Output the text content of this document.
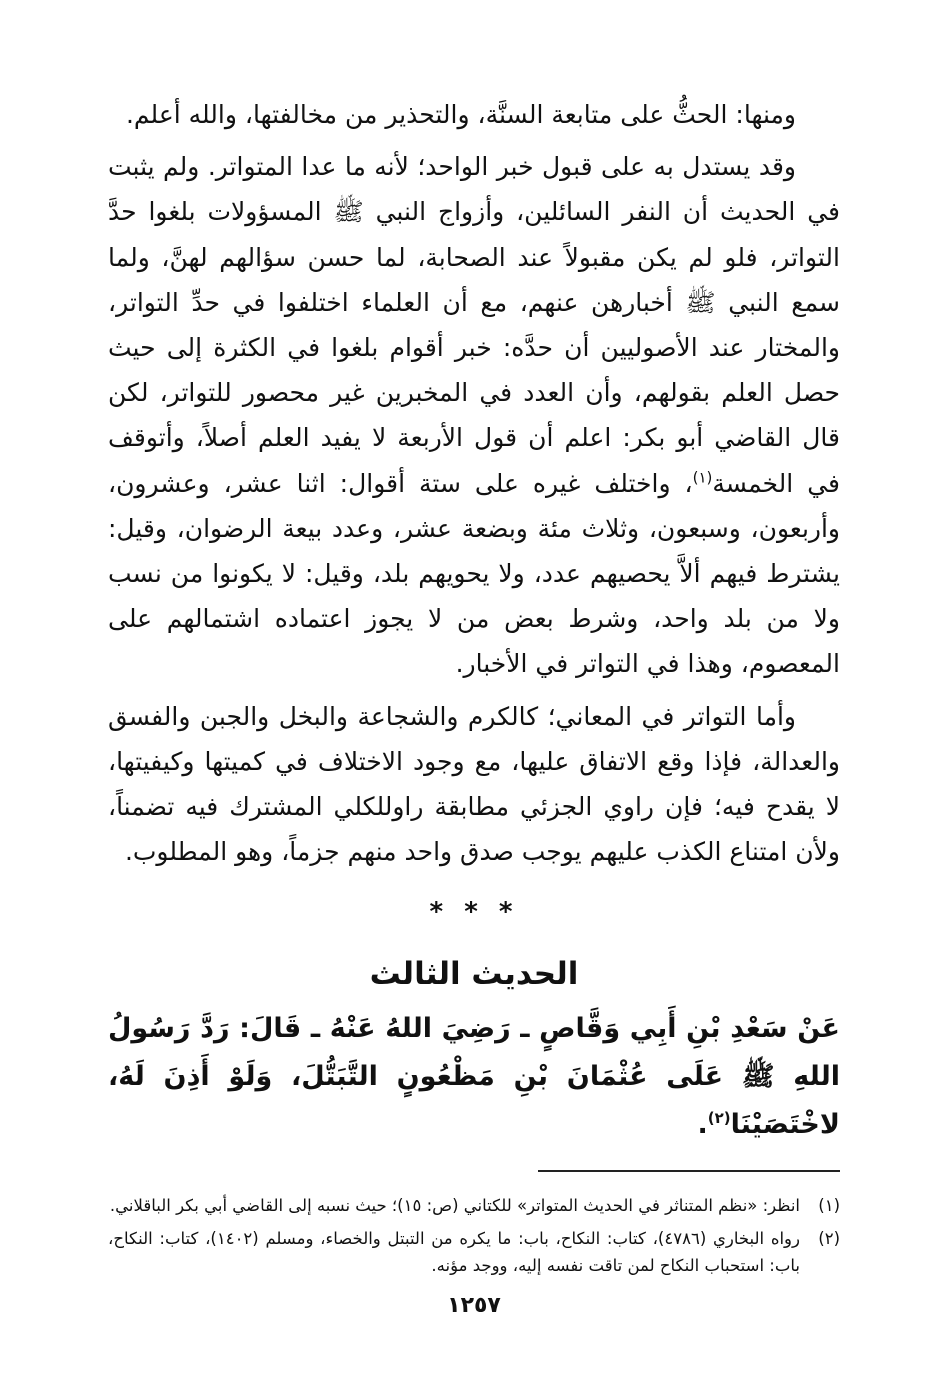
ومنها: الحثُّ على متابعة السنَّة، والتحذير من مخالفتها، والله أعلم.

وقد يستدل به على قبول خبر الواحد؛ لأنه ما عدا المتواتر. ولم يثبت في الحديث أن النفر السائلين، وأزواج النبي ﷺ المسؤولات بلغوا حدَّ التواتر، فلو لم يكن مقبولاً عند الصحابة، لما حسن سؤالهم لهنَّ، ولما سمع النبي ﷺ أخبارهن عنهم، مع أن العلماء اختلفوا في حدِّ التواتر، والمختار عند الأصوليين أن حدَّه: خبر أقوام بلغوا في الكثرة إلى حيث حصل العلم بقولهم، وأن العدد في المخبرين غير محصور للتواتر، لكن قال القاضي أبو بكر: اعلم أن قول الأربعة لا يفيد العلم أصلاً، وأتوقف في الخمسة$^{(١)}$، واختلف غيره على ستة أقوال: اثنا عشر، وعشرون، وأربعون، وسبعون، وثلاث مئة وبضعة عشر، وعدد بيعة الرضوان، وقيل: يشترط فيهم ألاَّ يحصيهم عدد، ولا يحويهم بلد، وقيل: لا يكونوا من نسب ولا من بلد واحد، وشرط بعض من لا يجوز اعتماده اشتمالهم على المعصوم، وهذا في التواتر في الأخبار.

وأما التواتر في المعاني؛ كالكرم والشجاعة والبخل والجبن والفسق والعدالة، فإذا وقع الاتفاق عليها، مع وجود الاختلاف في كميتها وكيفيتها، لا يقدح فيه؛ فإن راوي الجزئي مطابقة راوللكلي المشترك فيه تضمناً، ولأن امتناع الكذب عليهم يوجب صدق واحد منهم جزماً، وهو المطلوب.

* * *
الحديث الثالث

عَنْ سَعْدِ بْنِ أَبِي وَقَّاصٍ ـ رَضِيَ اللهُ عَنْهُ ـ قَالَ: رَدَّ رَسُولُ اللهِ ﷺ عَلَى عُثْمَانَ بْنِ مَظْعُونٍ التَّبَتُّلَ، وَلَوْ أَذِنَ لَهُ، لاخْتَصَيْنَا$^{(٢)}$.

(١)
انظر: «نظم المتناثر في الحديث المتواتر» للكتاني (ص: ١٥)؛ حيث نسبه إلى القاضي أبي بكر الباقلاني.
(٢)
رواه البخاري (٤٧٨٦)، كتاب: النكاح، باب: ما يكره من التبتل والخصاء، ومسلم (١٤٠٢)، كتاب: النكاح، باب: استحباب النكاح لمن تاقت نفسه إليه، ووجد مؤنه.
١٢٥٧
